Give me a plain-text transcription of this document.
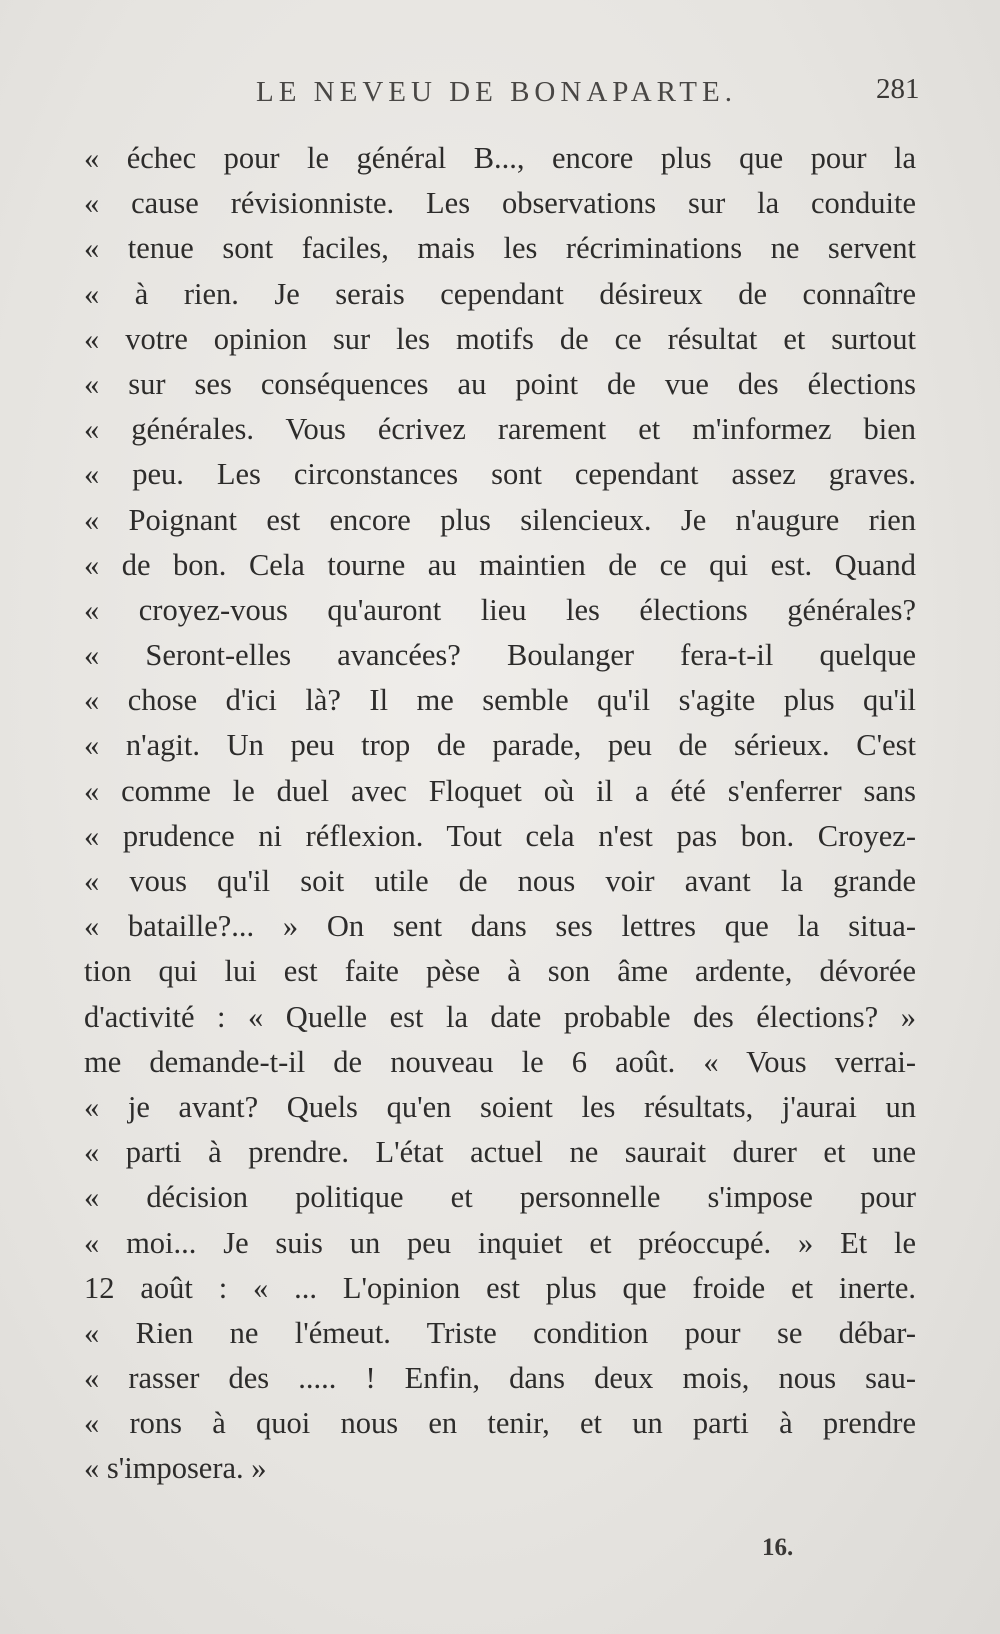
LE NEVEU DE BONAPARTE.	281
« échec pour le général B..., encore plus que pour la
« cause révisionniste. Les observations sur la conduite
« tenue sont faciles, mais les récriminations ne servent
« à rien. Je serais cependant désireux de connaître
« votre opinion sur les motifs de ce résultat et surtout
« sur ses conséquences au point de vue des élections
« générales. Vous écrivez rarement et m'informez bien
« peu. Les circonstances sont cependant assez graves.
« Poignant est encore plus silencieux. Je n'augure rien
« de bon. Cela tourne au maintien de ce qui est. Quand
« croyez-vous qu'auront lieu les élections générales?
« Seront-elles avancées? Boulanger fera-t-il quelque
« chose d'ici là? Il me semble qu'il s'agite plus qu'il
« n'agit. Un peu trop de parade, peu de sérieux. C'est
« comme le duel avec Floquet où il a été s'enferrer sans
« prudence ni réflexion. Tout cela n'est pas bon. Croyez-
« vous qu'il soit utile de nous voir avant la grande
« bataille?... » On sent dans ses lettres que la situa-
tion qui lui est faite pèse à son âme ardente, dévorée
d'activité : « Quelle est la date probable des élections? »
me demande-t-il de nouveau le 6 août. « Vous verrai-
« je avant? Quels qu'en soient les résultats, j'aurai un
« parti à prendre. L'état actuel ne saurait durer et une
« décision politique et personnelle s'impose pour
« moi... Je suis un peu inquiet et préoccupé. » Et le
12 août : « ... L'opinion est plus que froide et inerte.
« Rien ne l'émeut. Triste condition pour se débar-
« rasser des ..... ! Enfin, dans deux mois, nous sau-
« rons à quoi nous en tenir, et un parti à prendre
« s'imposera. »
16.
